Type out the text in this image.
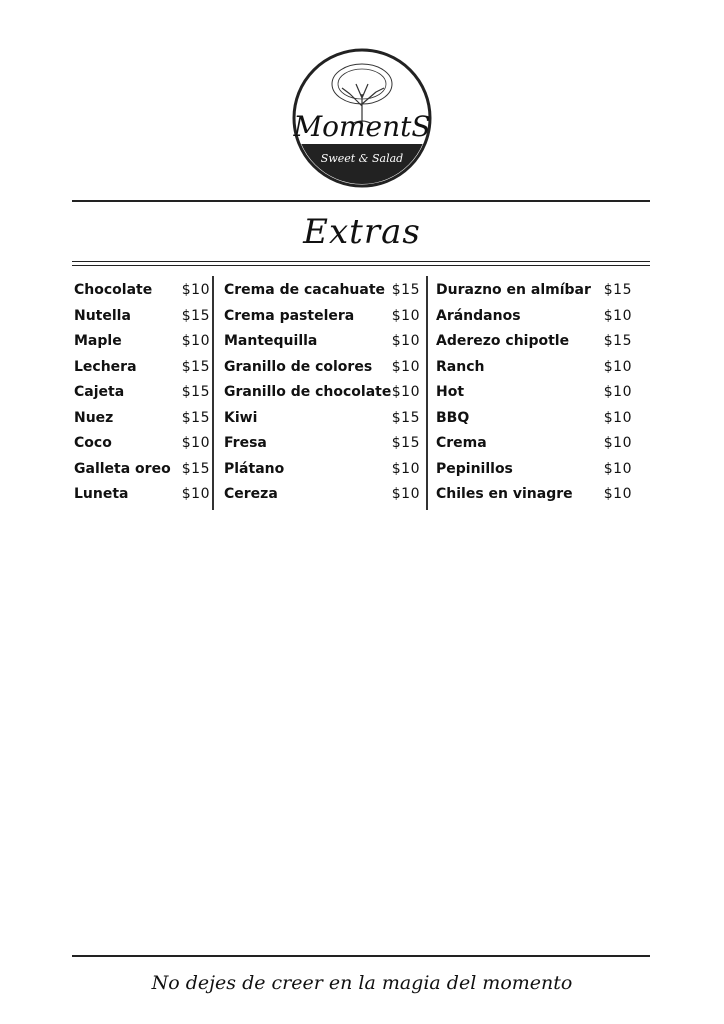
MomentS
Sweet & Salad
Extras
Chocolate $10
Nutella	$15
Maple	$10
Lechera	$15
Cajeta	$15
Nuez	$15
Coco	$10
Galleta oreo $15
Luneta	$10
Crema de cacahuate $15
Crema pastelera	$10
Mantequilla	$10
Granillo de colores $10
Granillo de chocolate $10
Kiwi	$15
Fresa	$15
Plátano	$10
Cereza	$10
Durazno en almíbar $15
Arándanos	$10
Aderezo chipotle $15
Ranch	$10
Hot	$10
BBQ	$10
Crema	$10
Pepinillos	$10
Chiles en vinagre $10
No dejes de creer en la magia del momento
